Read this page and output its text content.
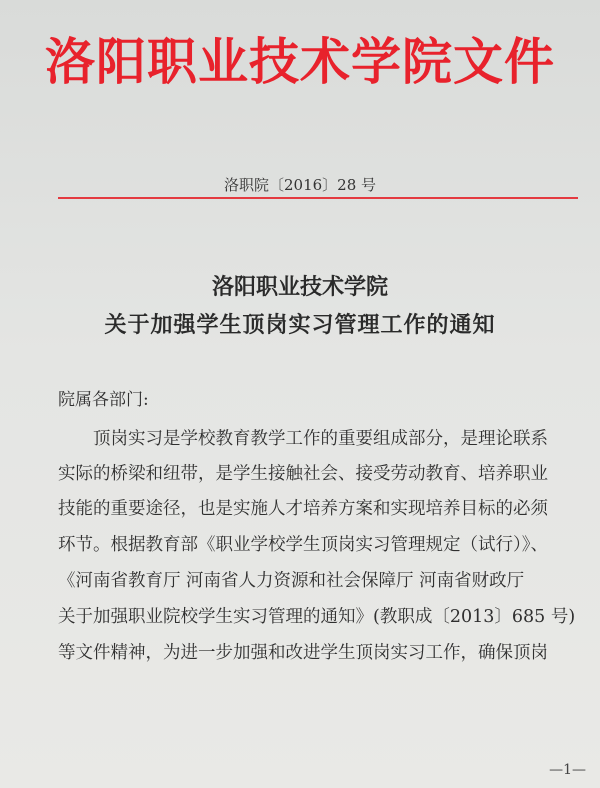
洛阳职业技术学院文件
洛职院〔2016〕28 号
洛阳职业技术学院
关于加强学生顶岗实习管理工作的通知
院属各部门:
顶岗实习是学校教育教学工作的重要组成部分，是理论联系
实际的桥梁和纽带，是学生接触社会、接受劳动教育、培养职业
技能的重要途径，也是实施人才培养方案和实现培养目标的必须
环节。根据教育部《职业学校学生顶岗实习管理规定（试行）》、
《河南省教育厅 河南省人力资源和社会保障厅 河南省财政厅
关于加强职业院校学生实习管理的通知》(教职成〔2013〕685 号)
等文件精神，为进一步加强和改进学生顶岗实习工作，确保顶岗
—1—
